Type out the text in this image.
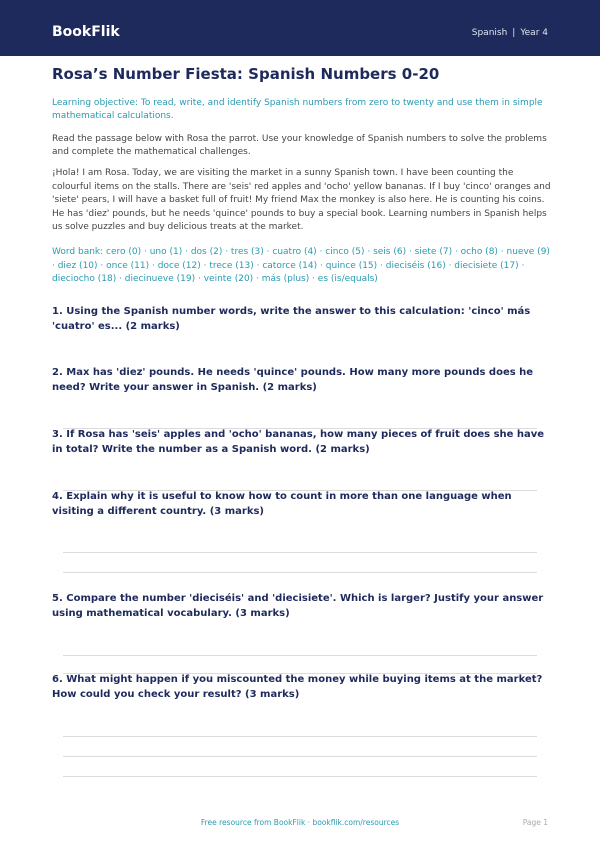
BookFlik	Spanish | Year 4
Rosa’s Number Fiesta: Spanish Numbers 0-20
Learning objective: To read, write, and identify Spanish numbers from zero to twenty and use them in simple mathematical calculations.
Read the passage below with Rosa the parrot. Use your knowledge of Spanish numbers to solve the problems and complete the mathematical challenges.
¡Hola! I am Rosa. Today, we are visiting the market in a sunny Spanish town. I have been counting the colourful items on the stalls. There are 'seis' red apples and 'ocho' yellow bananas. If I buy 'cinco' oranges and 'siete' pears, I will have a basket full of fruit! My friend Max the monkey is also here. He is counting his coins. He has 'diez' pounds, but he needs 'quince' pounds to buy a special book. Learning numbers in Spanish helps us solve puzzles and buy delicious treats at the market.
Word bank: cero (0) · uno (1) · dos (2) · tres (3) · cuatro (4) · cinco (5) · seis (6) · siete (7) · ocho (8) · nueve (9) · diez (10) · once (11) · doce (12) · trece (13) · catorce (14) · quince (15) · dieciséis (16) · diecisiete (17) · dieciocho (18) · diecinueve (19) · veinte (20) · más (plus) · es (is/equals)
1. Using the Spanish number words, write the answer to this calculation: 'cinco' más 'cuatro' es... (2 marks)
2. Max has 'diez' pounds. He needs 'quince' pounds. How many more pounds does he need? Write your answer in Spanish. (2 marks)
3. If Rosa has 'seis' apples and 'ocho' bananas, how many pieces of fruit does she have in total? Write the number as a Spanish word. (2 marks)
4. Explain why it is useful to know how to count in more than one language when visiting a different country. (3 marks)
5. Compare the number 'dieciséis' and 'diecisiete'. Which is larger? Justify your answer using mathematical vocabulary. (3 marks)
6. What might happen if you miscounted the money while buying items at the market? How could you check your result? (3 marks)
Free resource from BookFlik · bookflik.com/resources	Page 1
